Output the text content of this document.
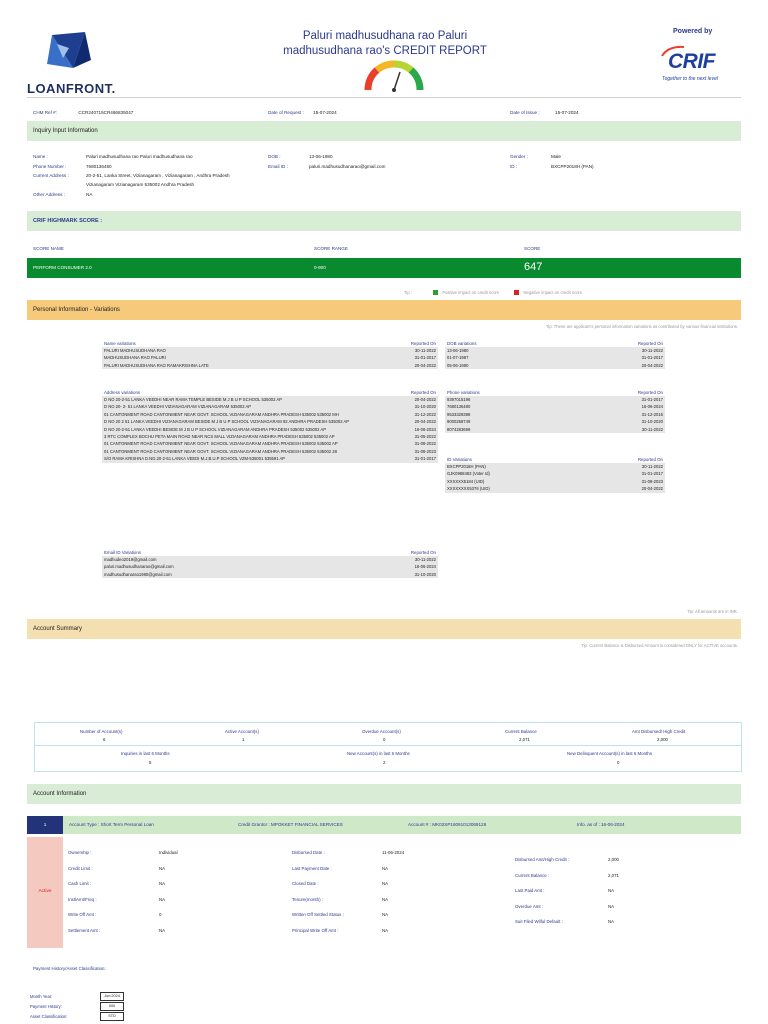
LOANFRONT.
Paluri madhusudhana rao Paluri
madhusudhana rao's CREDIT REPORT
Powered by
CRIF
Together to the next level
CHM Ref #:	CCR240715CR466835047	Date of Request : 15-07-2024	Date of Issue :	15-07-2024
Inquiry Input Information
Name :	Paluri madhusudhana rao Paluri madhusudhana rao
Phone Number :	7680136480
Current Address :	20-2-51, Lanka Street, Vizianagaram , Vizianagaram , Andhra Pradesh
Vizianagaram Vizianagaram 535002 Andhra Pradesh
Other Address :	NA
DOB :	13-06-1980
Email ID :	paluri.madhusudhanarao@gmail.com
Gender :	Male
ID :	BXCPP2018H (PAN)
CRIF HIGHMARK SCORE :
SCORE NAME	SCORE RANGE	SCORE
PERFORM CONSUMER 2.0	0-900	647
Tip :	Positive impact on credit score	Negative impact on credit score
Personal Information - Variations
Tip: These are applicant's personal information variations as contributed by various financial institutions.
Name variations	Reported On
PALURI MADHUSUDHANA RAO	30-11-2022
MADHUSUDHANA RAO PALURI	31-01-2017
PALURI MADHUSUDHANA RAO RAMAKRISHNA LATE	20-04-2022
DOB variations	Reported On
13-06-1980	30-11-2022
01-07-1987	31-01-2017
05-06-1990	20-04-2022
Address variations	Reported On
D NO 20-2-51 LANKA VEEDHI NEAR RAMA TEMPLE BESIDE M J B U P SCHOOL 535002 AP	20-04-2022
D NO 20- 2- 51 LANKA VEEDHI VIZIANAGARAM VIZIANAGARAM 535002 AP	31-10-2020
01 CANTONMENT ROAD CANTONMENT NEAR GOVT. SCHOOL VIZIANAGARAM ANDHRA PRADESH 535002 535002 MH	31-12-2022
D NO 20 2 51 LANKA VEEDHI VIZIANAGARAM BESIDE M J B U P SCHOOL VIZIANAGARAM 92 ANDHRA PRADESH 535002 AP	20-04-2022
D NO 20-2-51 LANKA VEEDHI BESIDE M J B U P SCHOOL VIZIANAGARAM ANDHRA PRADESH 535002 535002 AP	16-06-2024
3 RTC COMPLEX BOCHU PETA MAIN ROAD NEAR NCS MALL VIZIANAGARAM ANDHRA PRADESH 535002 535002 AP	31-05-2022
01 CANTONMENT ROAD CANTONMENT NEAR GOVT. SCHOOL VIZIANAGARAM ANDHRA PRADESH 535002 535002 AP	31-08-2022
01 CANTONMENT ROAD CANTONMENT NEAR GOVT. SCHOOL VIZIANAGARAM ANDHRA PRADESH 535002 535002 28	31-08-2023
S/O RAMA KRISHNA D.NO.20-2-51 LANKA VEEDI M.J.B.U.P SCHOOL VZM-535001 535591 AP	31-01-2017
Phone variations	Reported On
9397015196	31-01-2017
7680136480	16-06-2024
9533329388	31-12-2016
9000258749	31-10-2020
8074283699	30-11-2022
ID Variations	Reported On
BXCPP2018H (PAN)	30-11-2022
GJK0988483 (Voter Id)	31-01-2017
XXXXXX5184 (UID)	31-08-2023
XXXXXXXX5376 (UID)	20-04-2022
Email ID Variations	Reported On
madhudeo2019@gmail.com	30-11-2022
paluri.madhusudhanarao@gmail.com	16-06-2024
madhusudhanarao1980@gmail.com	31-10-2020
Tip: All amounts are in INR.
Account Summary
Tip: Current Balance & Disbursed Amount is considered ONLY for ACTIVE accounts.
Number of Account(s)
6
Active Account(s)
1
Overdue Account(s)
0
Current Balance
2,071
Amt Disbursed/ High Credit
2,000
Inquiries in last 6 Months
5
New Account(s) in last 6 Months
2
New Delinquent Account(s) in last 6 Months
0
Account Information
1	Account Type : Short Term Personal Loan	Credit Grantor : MPOKKET FINANCIAL SERVICES	Account # : MK02SP16091013069128	Info. as of : 16-06-2024
Active
Ownership :	Individual
Credit Limit :	NA
Cash Limit :	NA
InstlAmt/Freq :	NA
Write Off Amt :	0
Settlement Amt :	NA
Disbursed Date :	11-06-2024
Last Payment Date :	NA
Closed Date :	NA
Tenure(month) :	NA
Written Off Settled Status :	NA
Principal Write Off Amt :	NA
Disbursed Amt/High Credit :	2,000
Current Balance :	2,071
Last Paid Amt :	NA
Overdue Amt :	NA
Suit Filed Wilful Default :	NA
Payment History/Asset Classification:
Month Year:	Jun:2024
Payment History:	000
Asset Classification:	STD
